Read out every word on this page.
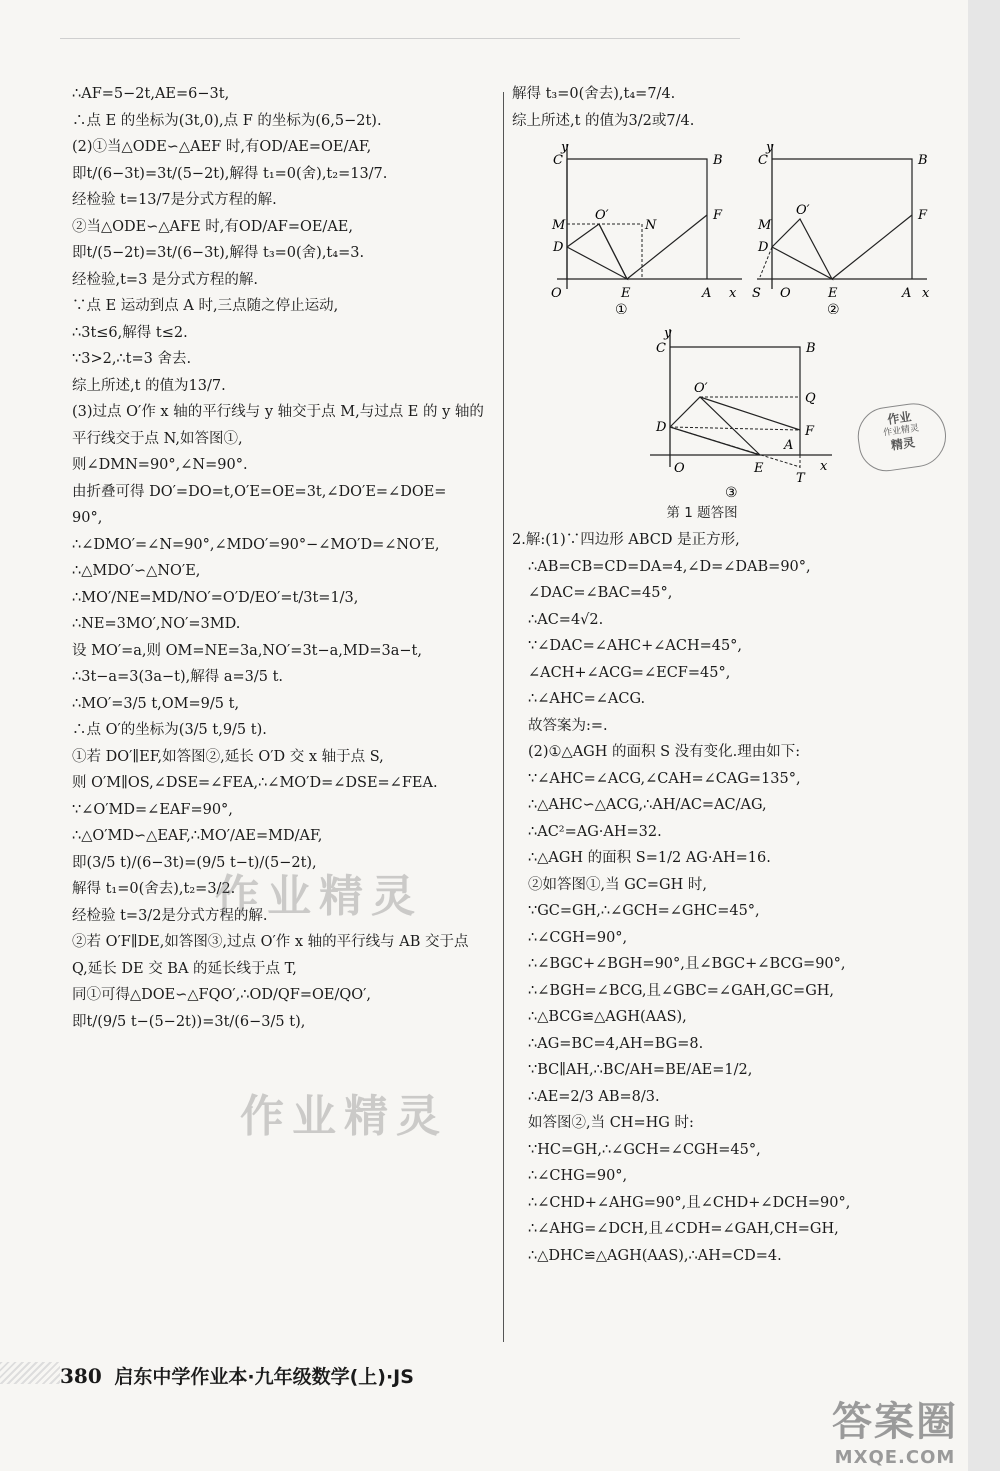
∴AF=5−2t,AE=6−3t,
∴点 E 的坐标为(3t,0),点 F 的坐标为(6,5−2t).
(2)①当△ODE∽△AEF 时,有OD/AE=OE/AF,
即t/(6−3t)=3t/(5−2t),解得 t₁=0(舍),t₂=13/7.
经检验 t=13/7是分式方程的解.
②当△ODE∽△AFE 时,有OD/AF=OE/AE,
即t/(5−2t)=3t/(6−3t),解得 t₃=0(舍),t₄=3.
经检验,t=3 是分式方程的解.
∵点 E 运动到点 A 时,三点随之停止运动,
∴3t≤6,解得 t≤2.
∵3>2,∴t=3 舍去.
综上所述,t 的值为13/7.
(3)过点 O′作 x 轴的平行线与 y 轴交于点 M,与过点 E 的 y 轴的
平行线交于点 N,如答图①,
则∠DMN=90°,∠N=90°.
由折叠可得 DO′=DO=t,O′E=OE=3t,∠DO′E=∠DOE=
90°,
∴∠DMO′=∠N=90°,∠MDO′=90°−∠MO′D=∠NO′E,
∴△MDO′∽△NO′E,
∴MO′/NE=MD/NO′=O′D/EO′=t/3t=1/3,
∴NE=3MO′,NO′=3MD.
设 MO′=a,则 OM=NE=3a,NO′=3t−a,MD=3a−t,
∴3t−a=3(3a−t),解得 a=3/5 t.
∴MO′=3/5 t,OM=9/5 t,
∴点 O′的坐标为(3/5 t,9/5 t).
①若 DO′∥EF,如答图②,延长 O′D 交 x 轴于点 S,
则 O′M∥OS,∠DSE=∠FEA,∴∠MO′D=∠DSE=∠FEA.
∵∠O′MD=∠EAF=90°,
∴△O′MD∽△EAF,∴MO′/AE=MD/AF,
即(3/5 t)/(6−3t)=(9/5 t−t)/(5−2t),
解得 t₁=0(舍去),t₂=3/2.
经检验 t=3/2是分式方程的解.
②若 O′F∥DE,如答图③,过点 O′作 x 轴的平行线与 AB 交于点
Q,延长 DE 交 BA 的延长线于点 T,
同①可得△DOE∽△FQO′,∴OD/QF=OE/QO′,
即t/(9/5 t−(5−2t))=3t/(6−3/5 t),
解得 t₃=0(舍去),t₄=7/4.
综上所述,t 的值为3/2或7/4.
y
C	B
F
M
O′
N
D
O	E	A x
①
y
C	B
F
M
O′
D
S O	E	A x
②
y
C	B
O′
Q
F
D
A
O	E	x
T
③
第 1 题答图
2.解:(1)∵四边形 ABCD 是正方形,
∴AB=CB=CD=DA=4,∠D=∠DAB=90°,
∠DAC=∠BAC=45°,
∴AC=4√2.
∵∠DAC=∠AHC+∠ACH=45°,
∠ACH+∠ACG=∠ECF=45°,
∴∠AHC=∠ACG.
故答案为:=.
(2)①△AGH 的面积 S 没有变化.理由如下:
∵∠AHC=∠ACG,∠CAH=∠CAG=135°,
∴△AHC∽△ACG,∴AH/AC=AC/AG,
∴AC²=AG·AH=32.
∴△AGH 的面积 S=1/2 AG·AH=16.
②如答图①,当 GC=GH 时,
∵GC=GH,∴∠GCH=∠GHC=45°,
∴∠CGH=90°,
∴∠BGC+∠BGH=90°,且∠BGC+∠BCG=90°,
∴∠BGH=∠BCG,且∠GBC=∠GAH,GC=GH,
∴△BCG≌△AGH(AAS),
∴AG=BC=4,AH=BG=8.
∵BC∥AH,∴BC/AH=BE/AE=1/2,
∴AE=2/3 AB=8/3.
如答图②,当 CH=HG 时:
∵HC=GH,∴∠GCH=∠CGH=45°,
∴∠CHG=90°,
∴∠CHD+∠AHG=90°,且∠CHD+∠DCH=90°,
∴∠AHG=∠DCH,且∠CDH=∠GAH,CH=GH,
∴△DHC≌△AGH(AAS),∴AH=CD=4.
作业精灵
作业精灵
作业
作业精灵

精灵
380 启东中学作业本·九年级数学(上)·JS
答案圈
MXQE.COM
